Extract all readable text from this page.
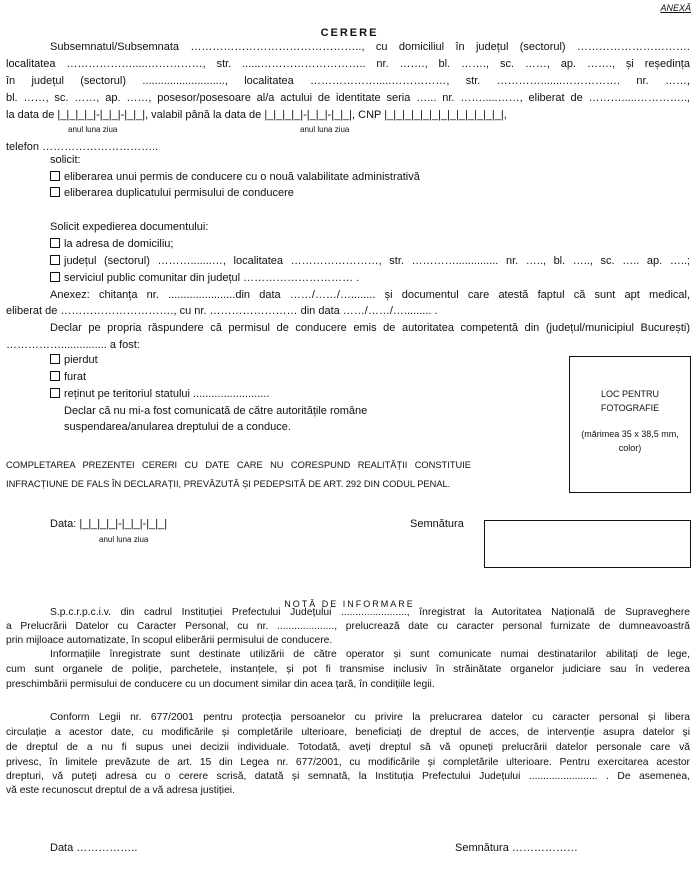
ANEXĂ
CERERE
Subsemnatul/Subsemnata ……………………………………….., cu domiciliul în județul (sectorul) ………………………….
localitatea ……………….....……………, str. ......……………………….. nr. ……., bl. ……., sc. ……, ap. ……., și reședința
în județul (sectorul) ..........................., localitatea ……………….....……………, str. ………….......……………. nr. ……,
bl. ……, sc. ……, ap. ……, posesor/posesoare al/a actului de identitate seria …... nr. …….....……, eliberat de ……….....…………..,
la data de |_|_|_|_|-|_|_|-|_|_|, valabil până la data de |_|_|_|_|-|_|_|-|_|_|, CNP |_|_|_|_|_|_|_|_|_|_|_|_|_|,
anul luna ziua	anul luna ziua
telefon …………………………..
solicit:
eliberarea unui permis de conducere cu o nouă valabilitate administrativă
eliberarea duplicatului permisului de conducere
Solicit expedierea documentului:
la adresa de domiciliu;
județul (sectorul) ……….......…, localitatea ……………………, str. ………….............. nr. ….., bl. ….., sc. ….. ap. …..;
serviciul public comunitar din județul ………………………… .
Anexez: chitanța nr. ......................din data ……/……/…........ și documentul care atestă faptul că sunt apt medical,
eliberat de …………………………., cu nr. …………………… din data ……/……/…......... .
Declar pe propria răspundere că permisul de conducere emis de autoritatea competentă din (județul/municipiul București)
……………............... a fost:
pierdut
furat
reținut pe teritoriul statului .........................
Declar că nu mi-a fost comunicată de către autoritățile române
suspendarea/anularea dreptului de a conduce.
COMPLETAREA PREZENTEI CERERI CU DATE CARE NU CORESPUND REALITĂȚII CONSTITUIE
INFRACȚIUNE DE FALS ÎN DECLARAȚII, PREVĂZUTĂ ȘI PEDEPSITĂ DE ART. 292 DIN CODUL PENAL.
LOC PENTRU
FOTOGRAFIE
(mărimea 35 x 38,5 mm,
color)
Data: |_|_|_|_|-|_|_|-|_|_|
anul luna ziua
Semnătura
NOTĂ DE INFORMARE
S.p.c.r.p.c.i.v. din cadrul Instituției Prefectului Județului ......................., înregistrat la Autoritatea Națională de Supraveghere
a Prelucrării Datelor cu Caracter Personal, cu nr. ...................., prelucrează date cu caracter personal furnizate de dumneavoastră
prin mijloace automatizate, în scopul eliberării permisului de conducere.
Informațiile înregistrate sunt destinate utilizării de către operator și sunt comunicate numai destinatarilor abilitați de lege,
cum sunt organele de poliție, parchetele, instanțele, și pot fi transmise inclusiv în străinătate organelor judiciare sau în vederea
preschimbării permisului de conducere cu un document similar din acea țară, în condițiile legii.
Conform Legii nr. 677/2001 pentru protecția persoanelor cu privire la prelucrarea datelor cu caracter personal și libera
circulație a acestor date, cu modificările și completările ulterioare, beneficiați de dreptul de acces, de intervenție asupra datelor și
de dreptul de a nu fi supus unei decizii individuale. Totodată, aveți dreptul să vă opuneți prelucrării datelor personale care vă
privesc, în limitele prevăzute de art. 15 din Legea nr. 677/2001, cu modificările și completările ulterioare. Pentru exercitarea acestor
drepturi, vă puteți adresa cu o cerere scrisă, datată și semnată, la Instituția Prefectului Județului ........................ . De asemenea,
vă este recunoscut dreptul de a vă adresa justiției.
Data ……………..	Semnătura ………………
